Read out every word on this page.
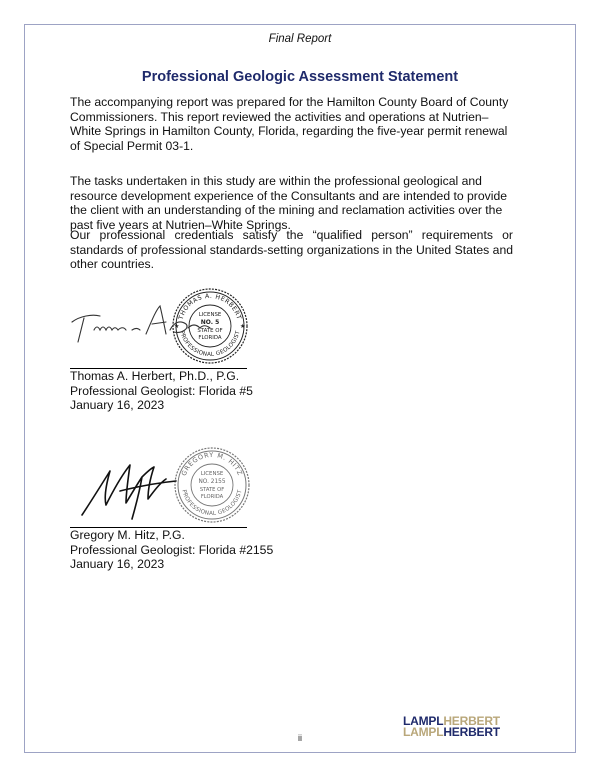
Final Report
Professional Geologic Assessment Statement

The accompanying report was prepared for the Hamilton County Board of County Commissioners. This report reviewed the activities and operations at Nutrien–White Springs in Hamilton County, Florida, regarding the five-year permit renewal of Special Permit 03-1.

The tasks undertaken in this study are within the professional geological and resource development experience of the Consultants and are intended to provide the client with an understanding of the mining and reclamation activities over the past five years at Nutrien–White Springs.

Our professional credentials satisfy the “qualified person” requirements or standards of professional standards-setting organizations in the United States and other countries.

THOMAS A. HERBERT
PROFESSIONAL GEOLOGIST
LICENSE
NO. 5
STATE OF
FLORIDA
★
★
Thomas A. Herbert, Ph.D., P.G.
Professional Geologist: Florida #5
January 16, 2023
GREGORY M. HITZ
PROFESSIONAL GEOLOGIST
LICENSE
NO. 2155
STATE OF
FLORIDA
Gregory M. Hitz, P.G.
Professional Geologist: Florida #2155
January 16, 2023
ii
LAMPLHERBERT
LAMPLHERBERT
